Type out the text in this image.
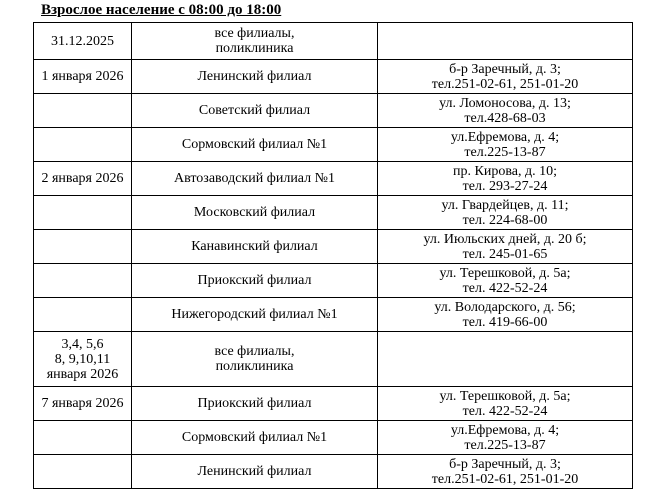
Взрослое население с 08:00 до 18:00
31.12.2025	все филиалы,
поликлиника	
1 января 2026	Ленинский филиал	б-р Заречный, д. 3;
тел.251-02-61, 251-01-20
	Советский филиал	ул. Ломоносова, д. 13;
тел.428-68-03
	Сормовский филиал №1	ул.Ефремова, д. 4;
тел.225-13-87
2 января 2026	Автозаводский филиал №1	пр. Кирова, д. 10;
тел. 293-27-24
	Московский филиал	ул. Гвардейцев, д. 11;
тел. 224-68-00
	Канавинский филиал	ул. Июльских дней, д. 20 б;
тел. 245-01-65
	Приокский филиал	ул. Терешковой, д. 5а;
тел. 422-52-24
	Нижегородский филиал №1	ул. Володарского, д. 56;
тел. 419-66-00
3,4, 5,6
8, 9,10,11
января 2026	все филиалы,
поликлиника	
7 января 2026	Приокский филиал	ул. Терешковой, д. 5а;
тел. 422-52-24
	Сормовский филиал №1	ул.Ефремова, д. 4;
тел.225-13-87
	Ленинский филиал	б-р Заречный, д. 3;
тел.251-02-61, 251-01-20
